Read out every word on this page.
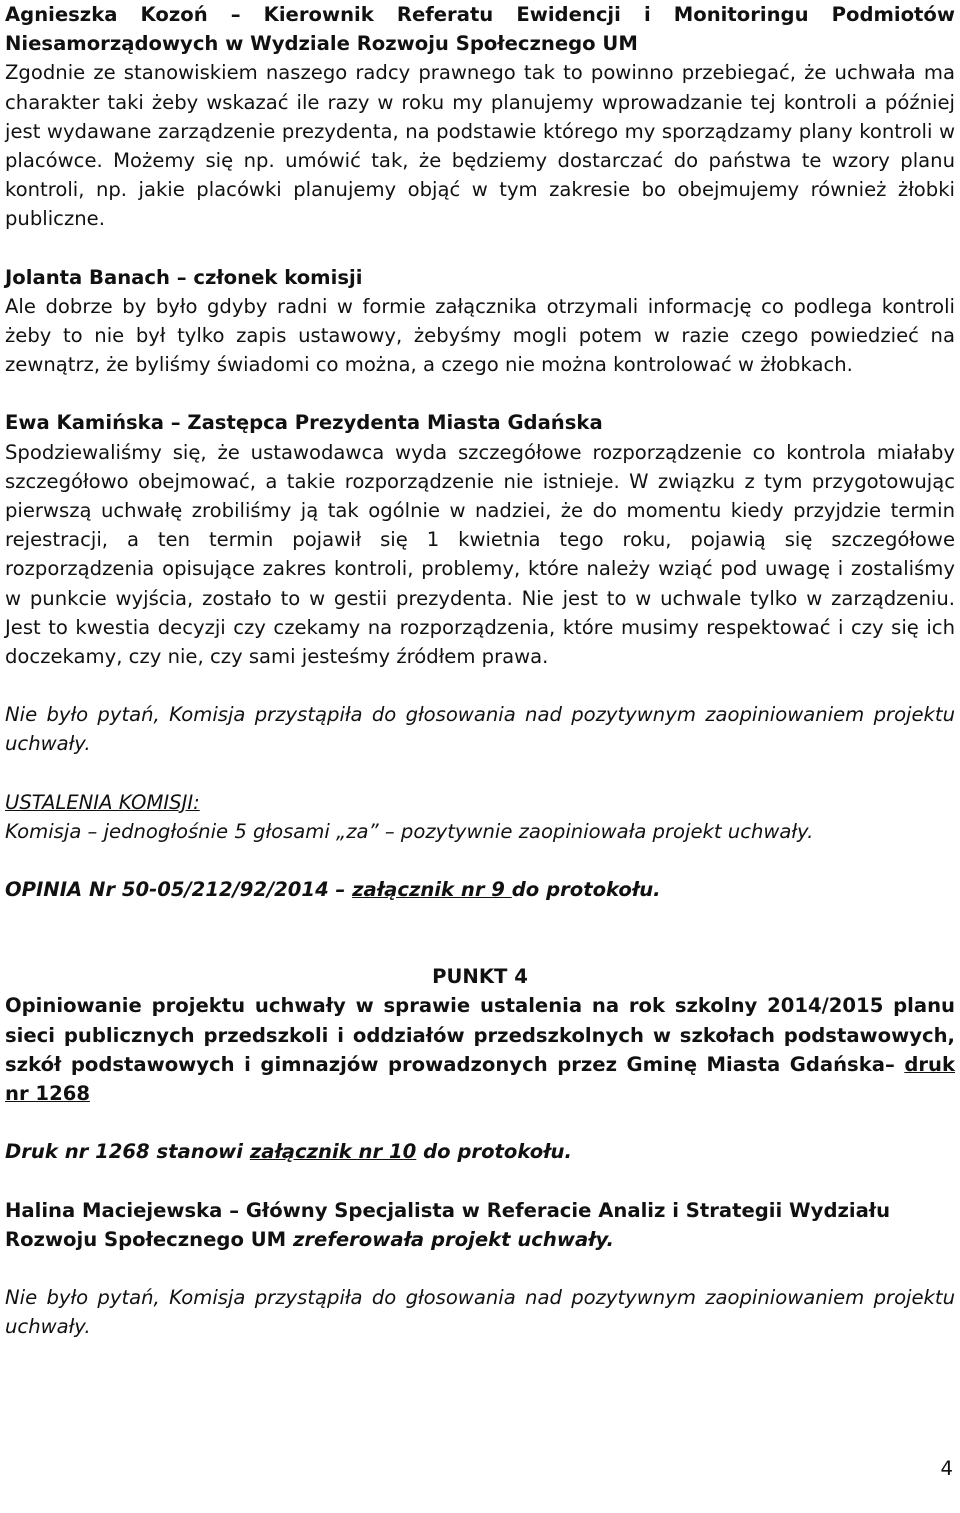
Agnieszka Kozoń – Kierownik Referatu Ewidencji i Monitoringu Podmiotów Niesamorządowych w Wydziale Rozwoju Społecznego UM
Zgodnie ze stanowiskiem naszego radcy prawnego tak to powinno przebiegać, że uchwała ma charakter taki żeby wskazać ile razy w roku my planujemy wprowadzanie tej kontroli a później jest wydawane zarządzenie prezydenta, na podstawie którego my sporządzamy plany kontroli w placówce. Możemy się np. umówić tak, że będziemy dostarczać do państwa te wzory planu kontroli, np. jakie placówki planujemy objąć w tym zakresie bo obejmujemy również żłobki publiczne.

Jolanta Banach – członek komisji
Ale dobrze by było gdyby radni w formie załącznika otrzymali informację co podlega kontroli żeby to nie był tylko zapis ustawowy, żebyśmy mogli potem w razie czego powiedzieć na zewnątrz, że byliśmy świadomi co można, a czego nie można kontrolować w żłobkach.

Ewa Kamińska – Zastępca Prezydenta Miasta Gdańska
Spodziewaliśmy się, że ustawodawca wyda szczegółowe rozporządzenie co kontrola miałaby szczegółowo obejmować, a takie rozporządzenie nie istnieje. W związku z tym przygotowując pierwszą uchwałę zrobiliśmy ją tak ogólnie w nadziei, że do momentu kiedy przyjdzie termin rejestracji, a ten termin pojawił się 1 kwietnia tego roku, pojawią się szczegółowe rozporządzenia opisujące zakres kontroli, problemy, które należy wziąć pod uwagę i zostaliśmy w punkcie wyjścia, zostało to w gestii prezydenta. Nie jest to w uchwale tylko w zarządzeniu. Jest to kwestia decyzji czy czekamy na rozporządzenia, które musimy respektować i czy się ich doczekamy, czy nie, czy sami jesteśmy źródłem prawa.

Nie było pytań, Komisja przystąpiła do głosowania nad pozytywnym zaopiniowaniem projektu uchwały.

USTALENIA KOMISJI:

Komisja – jednogłośnie 5 głosami „za” – pozytywnie zaopiniowała projekt uchwały.

OPINIA Nr 50-05/212/92/2014 – załącznik nr 9 do protokołu.

PUNKT 4

Opiniowanie projektu uchwały w sprawie ustalenia na rok szkolny 2014/2015 planu sieci publicznych przedszkoli i oddziałów przedszkolnych w szkołach podstawowych, szkół podstawowych i gimnazjów prowadzonych przez Gminę Miasta Gdańska– druk nr 1268

Druk nr 1268 stanowi załącznik nr 10 do protokołu.

Halina Maciejewska – Główny Specjalista w Referacie Analiz i Strategii Wydziału Rozwoju Społecznego UM zreferowała projekt uchwały.

Nie było pytań, Komisja przystąpiła do głosowania nad pozytywnym zaopiniowaniem projektu uchwały.

4
